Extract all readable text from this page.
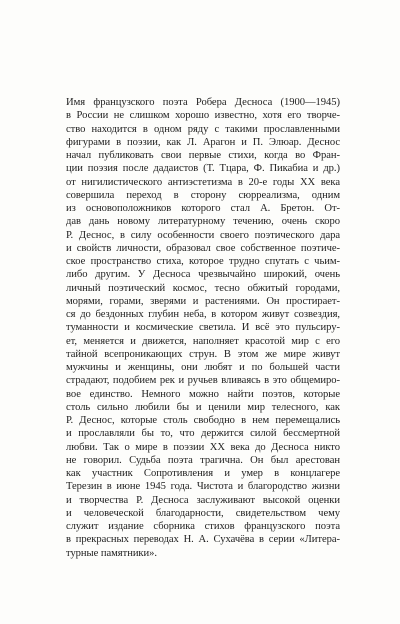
Имя французского поэта Робера Десноса (1900—1945)
в России не слишком хорошо известно, хотя его творче-
ство находится в одном ряду с такими прославленными
фигурами в поэзии, как Л. Арагон и П. Элюар. Деснос
начал публиковать свои первые стихи, когда во Фран-
ции поэзия после дадаистов (Т. Тцара, Ф. Пикабиа и др.)
от нигилистического антиэстетизма в 20-е годы XX века
совершила переход в сторону сюрреализма, одним
из основоположников которого стал А. Бретон. От-
дав дань новому литературному течению, очень скоро
Р. Деснос, в силу особенности своего поэтического дара
и свойств личности, образовал свое собственное поэтиче-
ское пространство стиха, которое трудно спутать с чьим-
либо другим. У Десноса чрезвычайно широкий, очень
личный поэтический космос, тесно обжитый городами,
морями, горами, зверями и растениями. Он простирает-
ся до бездонных глубин неба, в котором живут созвездия,
туманности и космические светила. И всё это пульсиру-
ет, меняется и движется, наполняет красотой мир с его
тайной всепроникающих струн. В этом же мире живут
мужчины и женщины, они любят и по большей части
страдают, подобием рек и ручьев вливаясь в это общемиро-
вое единство. Немного можно найти поэтов, которые
столь сильно любили бы и ценили мир телесного, как
Р. Деснос, которые столь свободно в нем перемещались
и прославляли бы то, что держится силой бессмертной
любви. Так о мире в поэзии XX века до Десноса никто
не говорил. Судьба поэта трагична. Он был арестован
как участник Сопротивления и умер в концлагере
Терезин в июне 1945 года. Чистота и благородство жизни
и творчества Р. Десноса заслуживают высокой оценки
и человеческой благодарности, свидетельством чему
служит издание сборника стихов французского поэта
в прекрасных переводах Н. А. Сухачёва в серии «Литера-
турные памятники».
